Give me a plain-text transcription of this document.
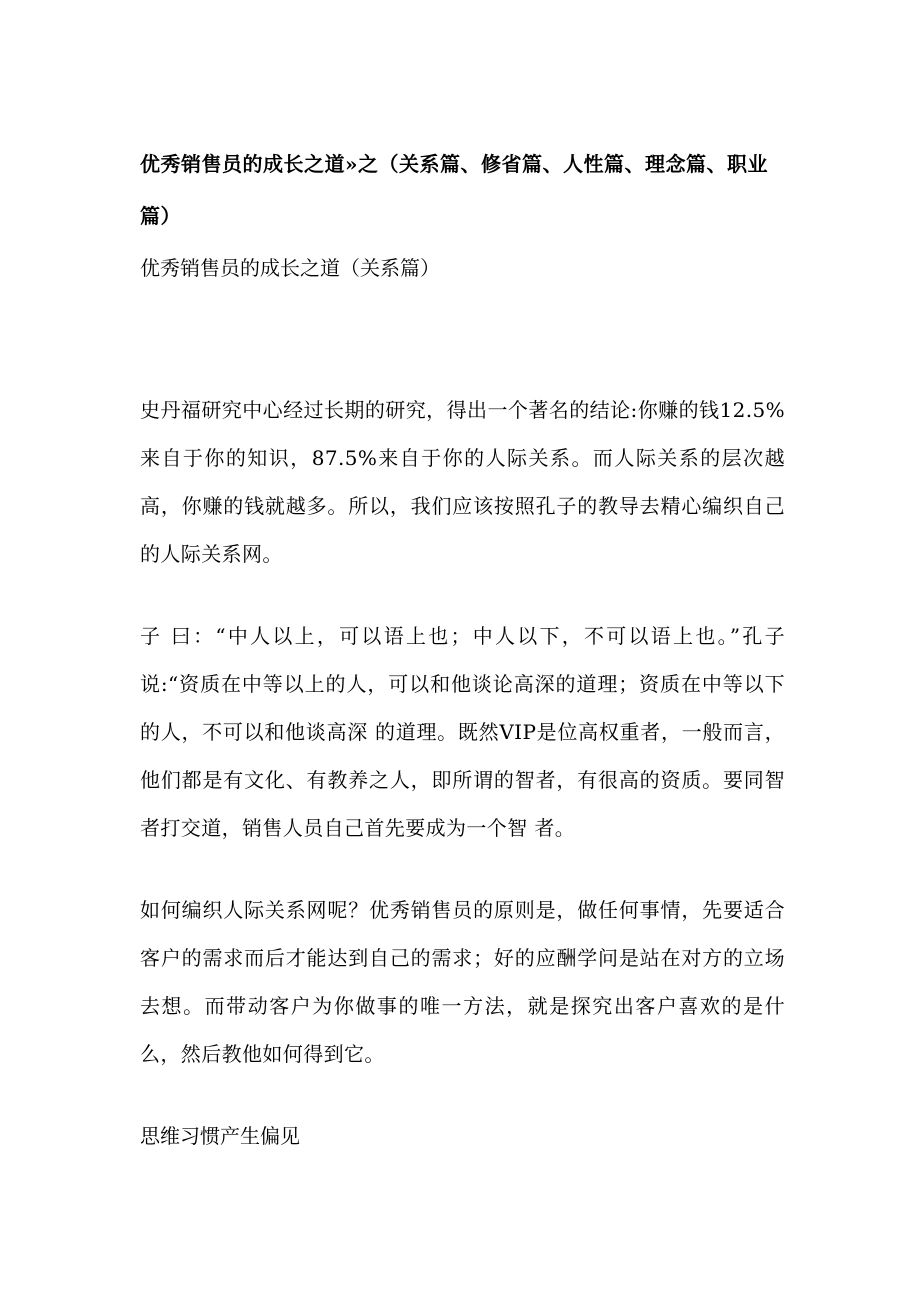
优秀销售员的成长之道»之（关系篇、修省篇、人性篇、理念篇、职业篇）

优秀销售员的成长之道（关系篇）

史丹福研究中心经过长期的研究，得出一个著名的结论:你赚的钱12.5%来自于你的知识，87.5%来自于你的人际关系。而人际关系的层次越高，你赚的钱就越多。所以，我们应该按照孔子的教导去精心编织自己的人际关系网。

子 曰：“中人以上，可以语上也；中人以下，不可以语上也。”孔子说:“资质在中等以上的人，可以和他谈论高深的道理；资质在中等以下的人，不可以和他谈高深 的道理。既然VIP是位高权重者，一般而言，他们都是有文化、有教养之人，即所谓的智者，有很高的资质。要同智者打交道，销售人员自己首先要成为一个智 者。

如何编织人际关系网呢？优秀销售员的原则是，做任何事情，先要适合客户的需求而后才能达到自己的需求；好的应酬学问是站在对方的立场去想。而带动客户为你做事的唯一方法，就是探究出客户喜欢的是什么，然后教他如何得到它。

思维习惯产生偏见
